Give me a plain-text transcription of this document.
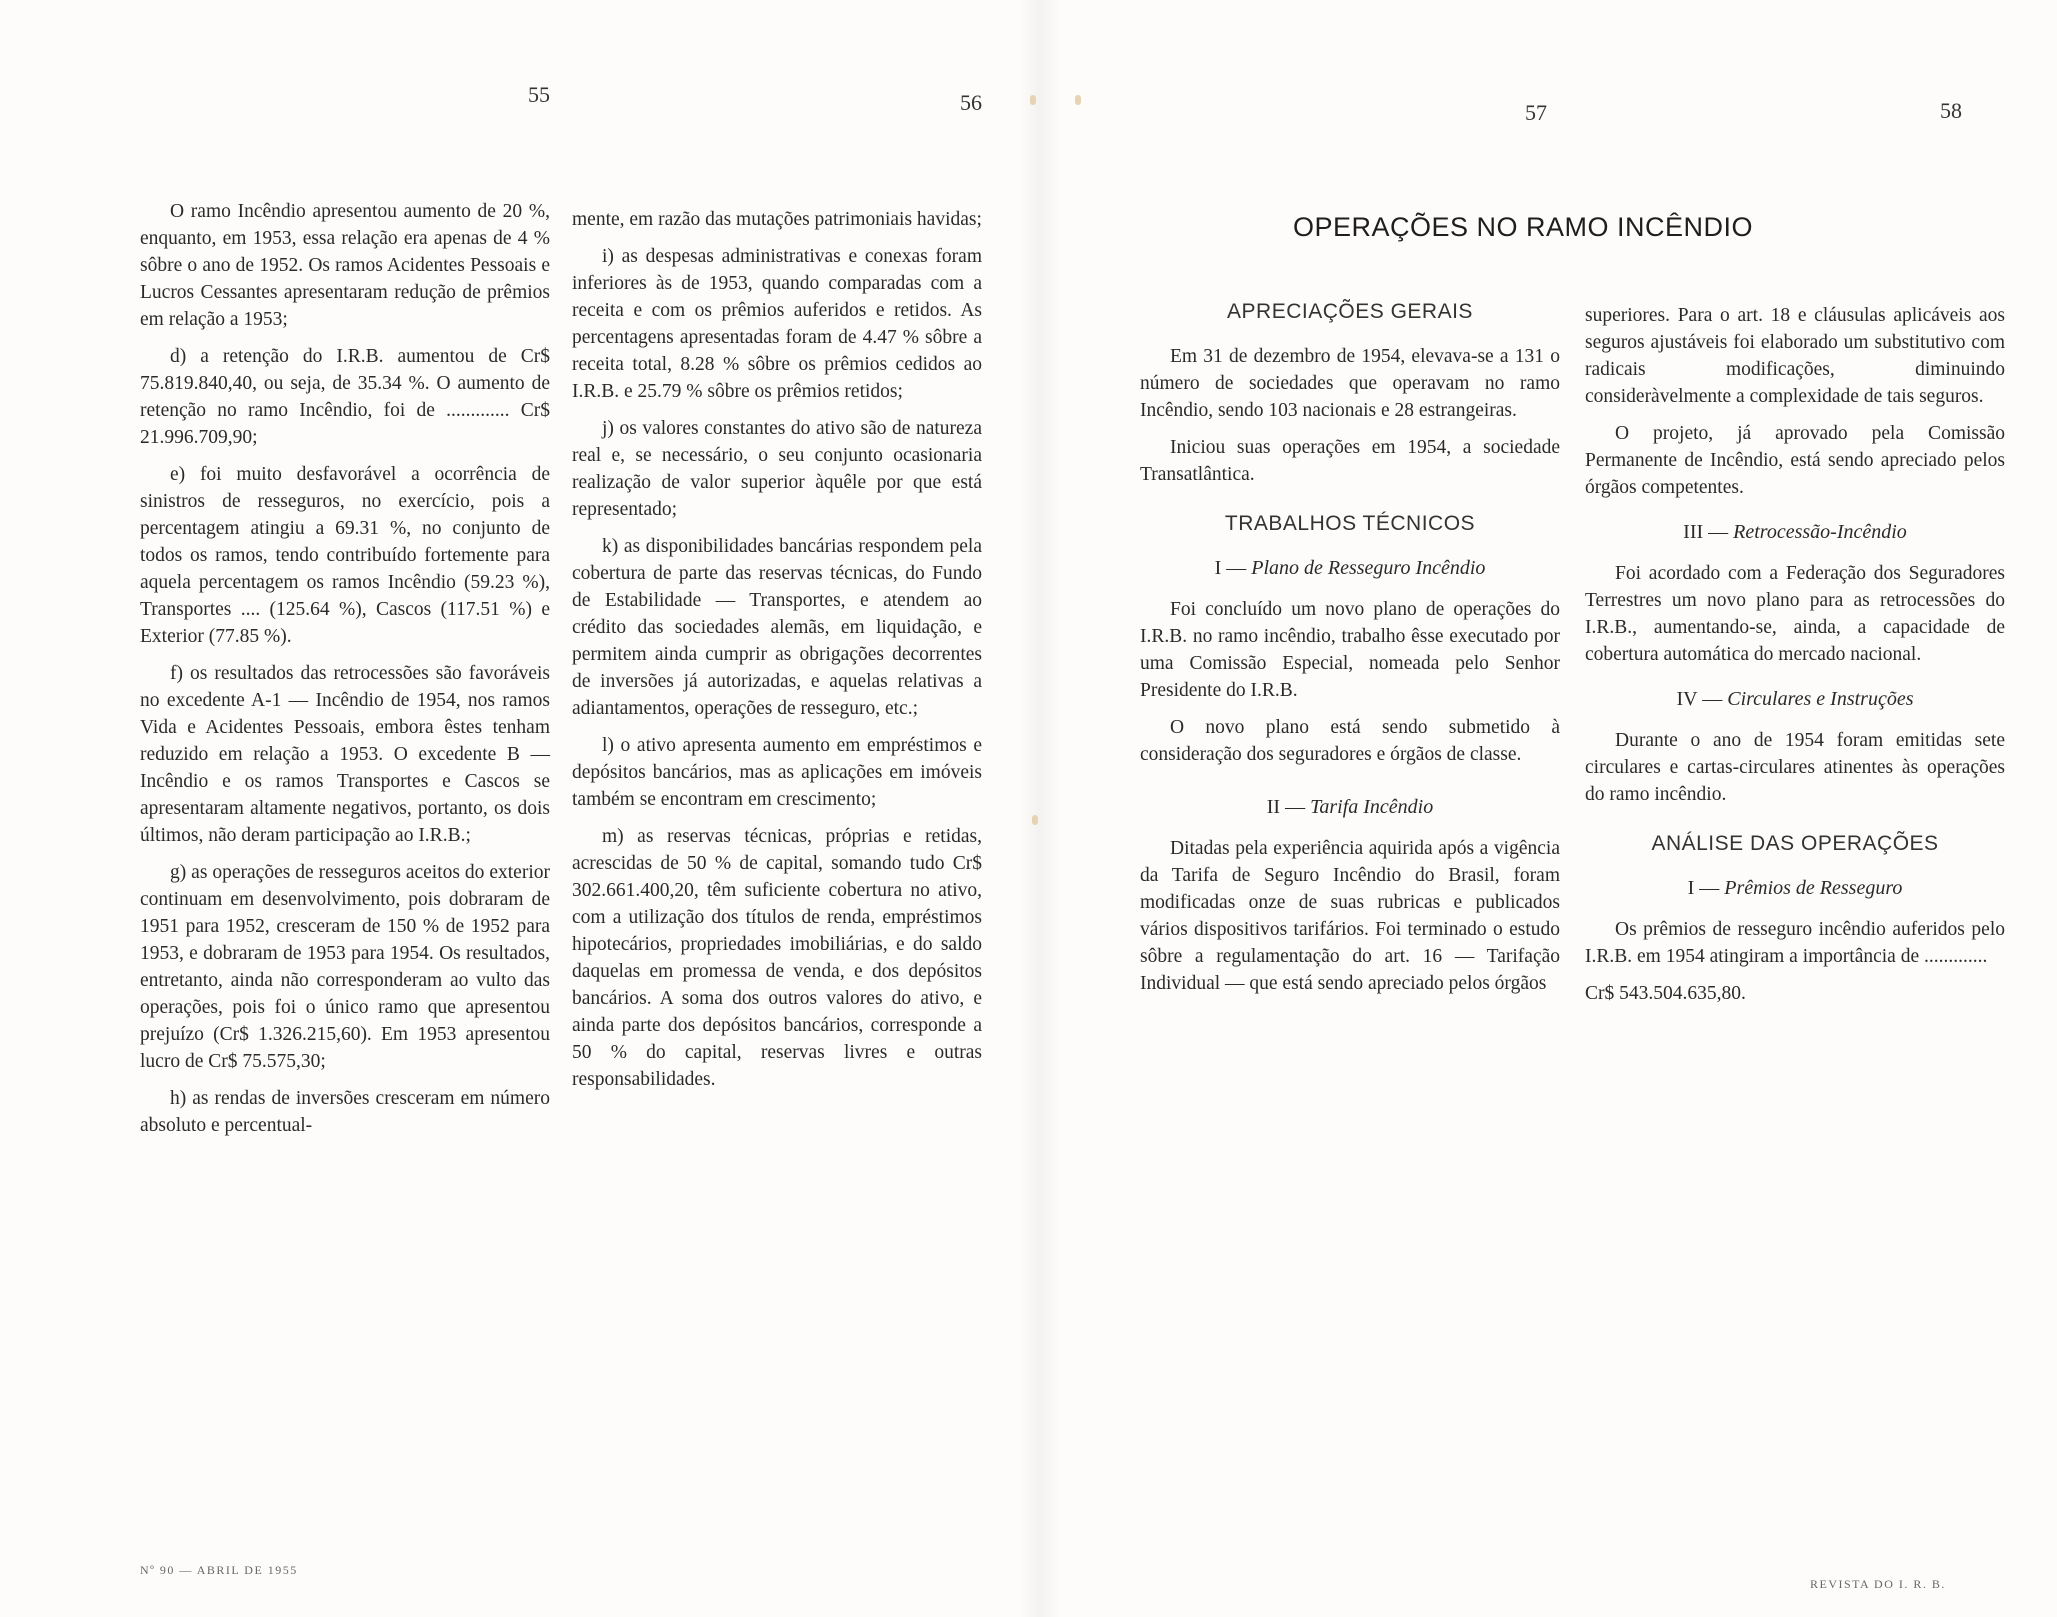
55	56

O ramo Incêndio apresentou aumento de 20 %, enquanto, em 1953, essa relação era apenas de 4 % sôbre o ano de 1952. Os ramos Acidentes Pessoais e Lucros Cessantes apresentaram redução de prêmios em relação a 1953;

d) a retenção do I.R.B. aumentou de Cr$ 75.819.840,40, ou seja, de 35.34 %. O aumento de retenção no ramo Incêndio, foi de ............. Cr$ 21.996.709,90;

e) foi muito desfavorável a ocorrência de sinistros de resseguros, no exercício, pois a percentagem atingiu a 69.31 %, no conjunto de todos os ramos, tendo contribuído fortemente para aquela percentagem os ramos Incêndio (59.23 %), Transportes .... (125.64 %), Cascos (117.51 %) e Exterior (77.85 %).

f) os resultados das retrocessões são favoráveis no excedente A-1 — Incêndio de 1954, nos ramos Vida e Acidentes Pessoais, embora êstes tenham reduzido em relação a 1953. O excedente B — Incêndio e os ramos Transportes e Cascos se apresentaram altamente negativos, portanto, os dois últimos, não deram participação ao I.R.B.;

g) as operações de resseguros aceitos do exterior continuam em desenvolvimento, pois dobraram de 1951 para 1952, cresceram de 150 % de 1952 para 1953, e dobraram de 1953 para 1954. Os resultados, entretanto, ainda não corresponderam ao vulto das operações, pois foi o único ramo que apresentou prejuízo (Cr$ 1.326.215,60). Em 1953 apresentou lucro de Cr$ 75.575,30;

h) as rendas de inversões cresceram em número absoluto e percentual-

mente, em razão das mutações patrimoniais havidas;

i) as despesas administrativas e conexas foram inferiores às de 1953, quando comparadas com a receita e com os prêmios auferidos e retidos. As percentagens apresentadas foram de 4.47 % sôbre a receita total, 8.28 % sôbre os prêmios cedidos ao I.R.B. e 25.79 % sôbre os prêmios retidos;

j) os valores constantes do ativo são de natureza real e, se necessário, o seu conjunto ocasionaria realização de valor superior àquêle por que está representado;

k) as disponibilidades bancárias respondem pela cobertura de parte das reservas técnicas, do Fundo de Estabilidade — Transportes, e atendem ao crédito das sociedades alemãs, em liquidação, e permitem ainda cumprir as obrigações decorrentes de inversões já autorizadas, e aquelas relativas a adiantamentos, operações de resseguro, etc.;

l) o ativo apresenta aumento em empréstimos e depósitos bancários, mas as aplicações em imóveis também se encontram em crescimento;

m) as reservas técnicas, próprias e retidas, acrescidas de 50 % de capital, somando tudo Cr$ 302.661.400,20, têm suficiente cobertura no ativo, com a utilização dos títulos de renda, empréstimos hipotecários, propriedades imobiliárias, e do saldo daquelas em promessa de venda, e dos depósitos bancários. A soma dos outros valores do ativo, e ainda parte dos depósitos bancários, corresponde a 50 % do capital, reservas livres e outras responsabilidades.

Nº 90 — ABRIL DE 1955
57	58
OPERAÇÕES NO RAMO INCÊNDIO
APRECIAÇÕES GERAIS

Em 31 de dezembro de 1954, elevava-se a 131 o número de sociedades que operavam no ramo Incêndio, sendo 103 nacionais e 28 estrangeiras.

Iniciou suas operações em 1954, a sociedade Transatlântica.

TRABALHOS TÉCNICOS
I — Plano de Resseguro Incêndio

Foi concluído um novo plano de operações do I.R.B. no ramo incêndio, trabalho êsse executado por uma Comissão Especial, nomeada pelo Senhor Presidente do I.R.B.

O novo plano está sendo submetido à consideração dos seguradores e órgãos de classe.

II — Tarifa Incêndio

Ditadas pela experiência aquirida após a vigência da Tarifa de Seguro Incêndio do Brasil, foram modificadas onze de suas rubricas e publicados vários dispositivos tarifários. Foi terminado o estudo sôbre a regulamentação do art. 16 — Tarifação Individual — que está sendo apreciado pelos órgãos

superiores. Para o art. 18 e cláusulas aplicáveis aos seguros ajustáveis foi elaborado um substitutivo com radicais modificações, diminuindo consideràvelmente a complexidade de tais seguros.

O projeto, já aprovado pela Comissão Permanente de Incêndio, está sendo apreciado pelos órgãos competentes.

III — Retrocessão-Incêndio

Foi acordado com a Federação dos Seguradores Terrestres um novo plano para as retrocessões do I.R.B., aumentando-se, ainda, a capacidade de cobertura automática do mercado nacional.

IV — Circulares e Instruções

Durante o ano de 1954 foram emitidas sete circulares e cartas-circulares atinentes às operações do ramo incêndio.

ANÁLISE DAS OPERAÇÕES
I — Prêmios de Resseguro

Os prêmios de resseguro incêndio auferidos pelo I.R.B. em 1954 atingiram a importância de .............

Cr$ 543.504.635,80.

REVISTA DO I. R. B.
